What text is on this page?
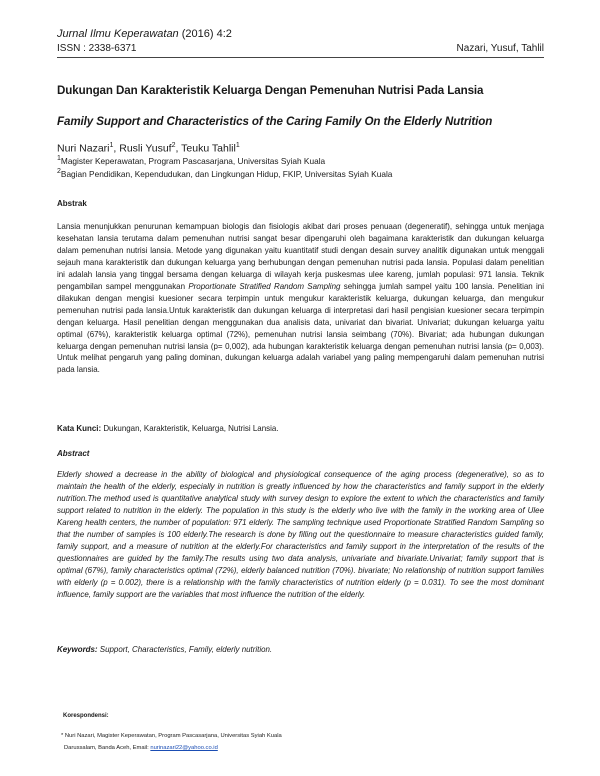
Jurnal Ilmu Keperawatan (2016) 4:2
ISSN : 2338-6371	Nazari, Yusuf, Tahlil
Dukungan Dan Karakteristik Keluarga Dengan Pemenuhan Nutrisi Pada Lansia
Family Support and Characteristics of the Caring Family On the Elderly Nutrition
Nuri Nazari$^1$, Rusli Yusuf$^2$, Teuku Tahlil$^1$
$^1$Magister Keperawatan, Program Pascasarjana, Universitas Syiah Kuala
$^2$Bagian Pendidikan, Kependudukan, dan Lingkungan Hidup, FKIP, Universitas Syiah Kuala
Abstrak
Lansia menunjukkan penurunan kemampuan biologis dan fisiologis akibat dari proses penuaan (degeneratif), sehingga untuk menjaga kesehatan lansia terutama dalam pemenuhan nutrisi sangat besar dipengaruhi oleh bagaimana karakteristik dan dukungan keluarga dalam pemenuhan nutrisi lansia. Metode yang digunakan yaitu kuantitatif studi dengan desain survey analitik digunakan untuk menggali sejauh mana karakteristik dan dukungan keluarga yang berhubungan dengan pemenuhan nutrisi pada lansia. Populasi dalam penelitian ini adalah lansia yang tinggal bersama dengan keluarga di wilayah kerja puskesmas ulee kareng, jumlah populasi: 971 lansia. Teknik pengambilan sampel menggunakan Proportionate Stratified Random Sampling sehingga jumlah sampel yaitu 100 lansia. Penelitian ini dilakukan dengan mengisi kuesioner secara terpimpin untuk mengukur karakteristik keluarga, dukungan keluarga, dan mengukur pemenuhan nutrisi pada lansia.Untuk karakteristik dan dukungan keluarga di interpretasi dari hasil pengisian kuesioner secara terpimpin dengan keluarga. Hasil penelitian dengan menggunakan dua analisis data, univariat dan bivariat. Univariat; dukungan keluarga yaitu optimal (67%), karakteristik keluarga optimal (72%), pemenuhan nutrisi lansia seimbang (70%). Bivariat; ada hubungan dukungan keluarga dengan pemenuhan nutrisi lansia (p= 0,002), ada hubungan karakteristik keluarga dengan pemenuhan nutrisi lansia (p= 0,003). Untuk melihat pengaruh yang paling dominan, dukungan keluarga adalah variabel yang paling mempengaruhi dalam pemenuhan nutrisi pada lansia.
Kata Kunci: Dukungan, Karakteristik, Keluarga, Nutrisi Lansia.
Abstract
Elderly showed a decrease in the ability of biological and physiological consequence of the aging process (degenerative), so as to maintain the health of the elderly, especially in nutrition is greatly influenced by how the characteristics and family support in the elderly nutrition.The method used is quantitative analytical study with survey design to explore the extent to which the characteristics and family support related to nutrition in the elderly. The population in this study is the elderly who live with the family in the working area of Ulee Kareng health centers, the number of population: 971 elderly. The sampling technique used Proportionate Stratified Random Sampling so that the number of samples is 100 elderly.The research is done by filling out the questionnaire to measure characteristics guided family, family support, and a measure of nutrition at the elderly.For characteristics and family support in the interpretation of the results of the questionnaires are guided by the family.The results using two data analysis, univariate and bivariate.Univariat; family support that is optimal (67%), family characteristics optimal (72%), elderly balanced nutrition (70%). bivariate; No relationship of nutrition support families with elderly (p = 0.002), there is a relationship with the family characteristics of nutrition elderly (p = 0.031). To see the most dominant influence, family support are the variables that most influence the nutrition of the elderly.
Keywords: Support, Characteristics, Family, elderly nutrition.
Korespondensi:
* Nuri Nazari, Magister Keperawatan, Program Pascasarjana, Universitas Syiah Kuala
Darussalam, Banda Aceh, Email: nurinazari22@yahoo.co.id
